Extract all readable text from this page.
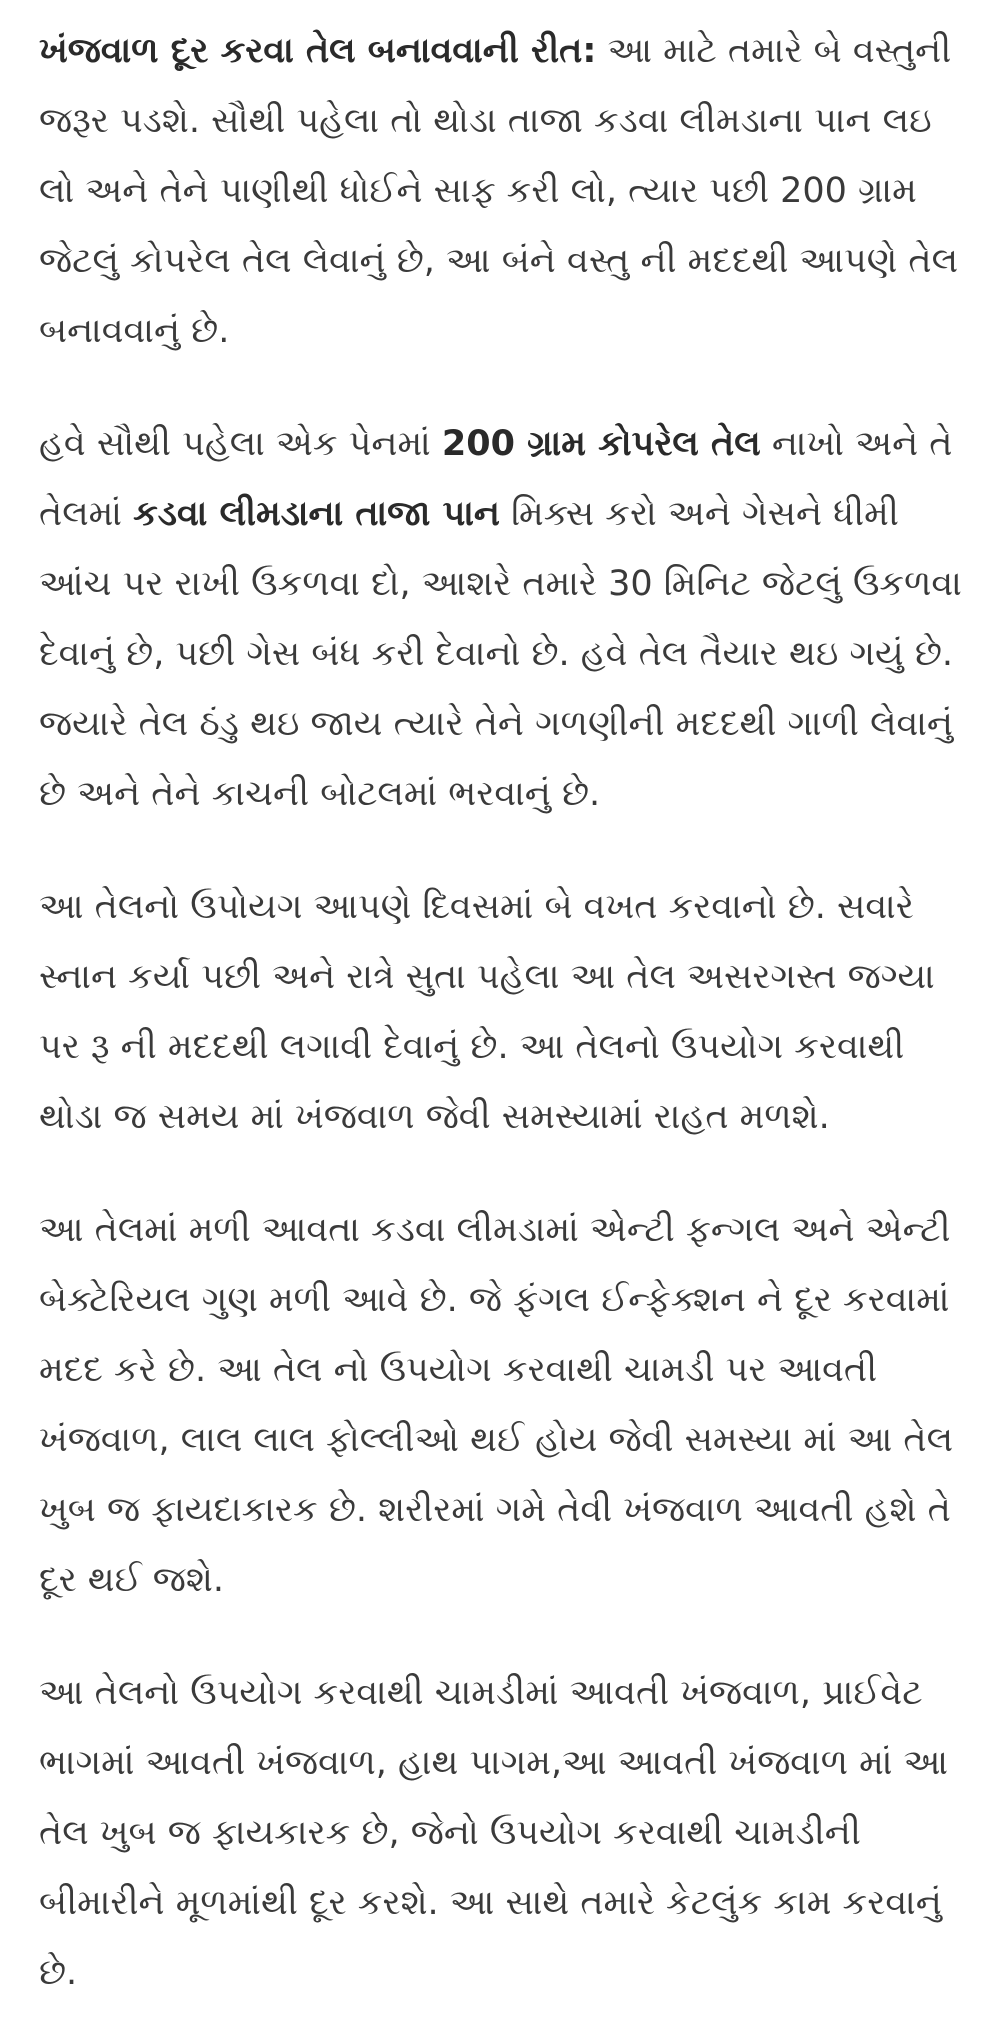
ખંજવાળ દૂર કરવા તેલ બનાવવાની રીત: આ માટે તમારે બે વસ્તુની જરૂર પડશે. સૌથી પહેલા તો થોડા તાજા કડવા લીમડાના પાન લઇ લો અને તેને પાણીથી ધોઈને સાફ કરી લો, ત્યાર પછી 200 ગ્રામ જેટલું કોપરેલ તેલ લેવાનું છે, આ બંને વસ્તુ ની મદદથી આપણે તેલ બનાવવાનું છે.

હવે સૌથી પહેલા એક પેનમાં 200 ગ્રામ કોપરેલ તેલ નાખો અને તે તેલમાં કડવા લીમડાના તાજા પાન મિક્સ કરો અને ગેસને ધીમી આંચ પર રાખી ઉકળવા દો, આશરે તમારે 30 મિનિટ જેટલું ઉકળવા દેવાનું છે, પછી ગેસ બંધ કરી દેવાનો છે. હવે તેલ તૈયાર થઇ ગયું છે. જયારે તેલ ઠંડુ થઇ જાય ત્યારે તેને ગળણીની મદદથી ગાળી લેવાનું છે અને તેને કાચની બોટલમાં ભરવાનું છે.

આ તેલનો ઉપોયગ આપણે દિવસમાં બે વખત કરવાનો છે. સવારે સ્નાન કર્યા પછી અને રાત્રે સુતા પહેલા આ તેલ અસરગસ્ત જગ્યા પર રૂ ની મદદથી લગાવી દેવાનું છે. આ તેલનો ઉપયોગ કરવાથી થોડા જ સમય માં ખંજવાળ જેવી સમસ્યામાં રાહત મળશે.

આ તેલમાં મળી આવતા કડવા લીમડામાં એન્ટી ફન્ગલ અને એન્ટી બેક્ટેરિયલ ગુણ મળી આવે છે. જે ફંગલ ઈન્ફેક્શન ને દૂર કરવામાં મદદ કરે છે. આ તેલ નો ઉપયોગ કરવાથી ચામડી પર આવતી ખંજવાળ, લાલ લાલ ફોલ્લીઓ થઈ હોય જેવી સમસ્યા માં આ તેલ ખુબ જ ફાયદાકારક છે. શરીરમાં ગમે તેવી ખંજવાળ આવતી હશે તે દૂર થઈ જશે.

આ તેલનો ઉપયોગ કરવાથી ચામડીમાં આવતી ખંજવાળ, પ્રાઈવેટ ભાગમાં આવતી ખંજવાળ, હાથ પાગમ,આ આવતી ખંજવાળ માં આ તેલ ખુબ જ ફાયકારક છે, જેનો ઉપયોગ કરવાથી ચામડીની બીમારીને મૂળમાંથી દૂર કરશે. આ સાથે તમારે કેટલુંક કામ કરવાનું છે.
